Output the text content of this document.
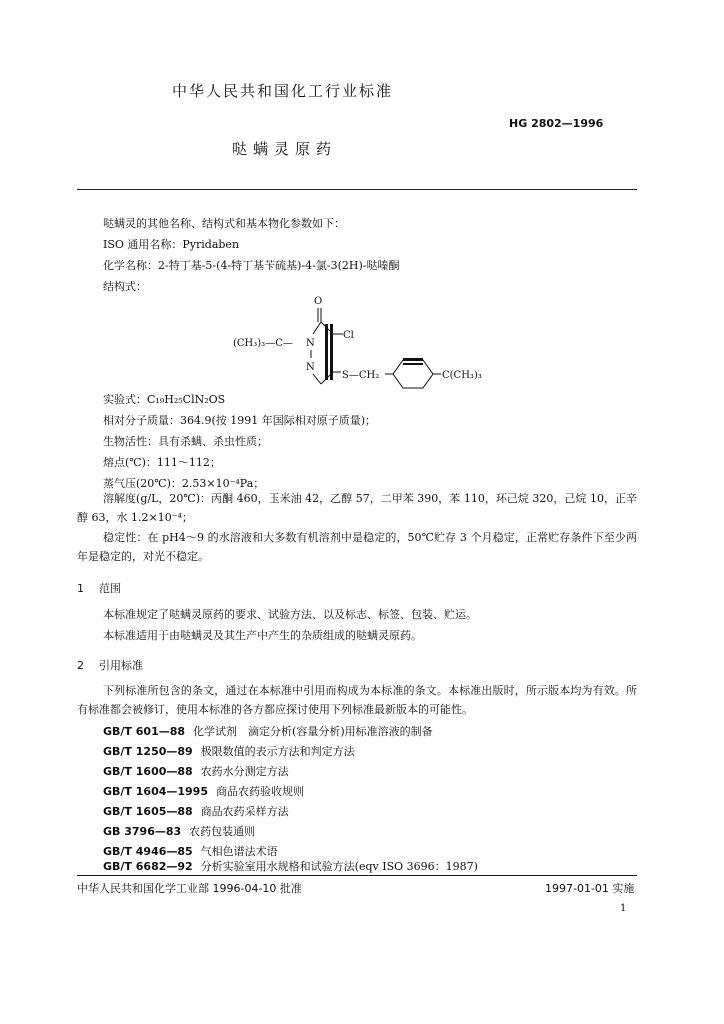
中华人民共和国化工行业标准
HG 2802—1996
哒螨灵原药
哒螨灵的其他名称、结构式和基本物化参数如下：
ISO 通用名称：Pyridaben
化学名称：2-特丁基-5-(4-特丁基苄硫基)-4-氯-3(2H)-哒嗪酮
结构式：
O
(CH₃)₃—C— N
N
Cl
S—CH₂	C(CH₃)₃
实验式：C₁₉H₂₅ClN₂OS
相对分子质量：364.9(按 1991 年国际相对原子质量)；
生物活性：具有杀螨、杀虫性质；
熔点(℃)：111～112；
蒸气压(20℃)：2.53×10⁻⁴Pa；
溶解度(g/L，20℃)：丙酮 460，玉米油 42，乙醇 57，二甲苯 390，苯 110，环己烷 320，己烷 10，正辛醇 63，水 1.2×10⁻⁴；
稳定性：在 pH4～9 的水溶液和大多数有机溶剂中是稳定的，50℃贮存 3 个月稳定，正常贮存条件下至少两年是稳定的，对光不稳定。
1 范围
本标准规定了哒螨灵原药的要求、试验方法、以及标志、标签、包装、贮运。
本标准适用于由哒螨灵及其生产中产生的杂质组成的哒螨灵原药。
2 引用标准
下列标准所包含的条文，通过在本标准中引用而构成为本标准的条文。本标准出版时，所示版本均为有效。所有标准都会被修订，使用本标准的各方都应探讨使用下列标准最新版本的可能性。
GB/T 601—88 化学试剂　滴定分析(容量分析)用标准溶液的制备
GB/T 1250—89 极限数值的表示方法和判定方法
GB/T 1600—88 农药水分测定方法
GB/T 1604—1995 商品农药验收规则
GB/T 1605—88 商品农药采样方法
GB 3796—83 农药包装通则
GB/T 4946—85 气相色谱法术语
GB/T 6682—92 分析实验室用水规格和试验方法(eqv ISO 3696：1987)
中华人民共和国化学工业部 1996-04-10 批准	1997-01-01 实施
1
